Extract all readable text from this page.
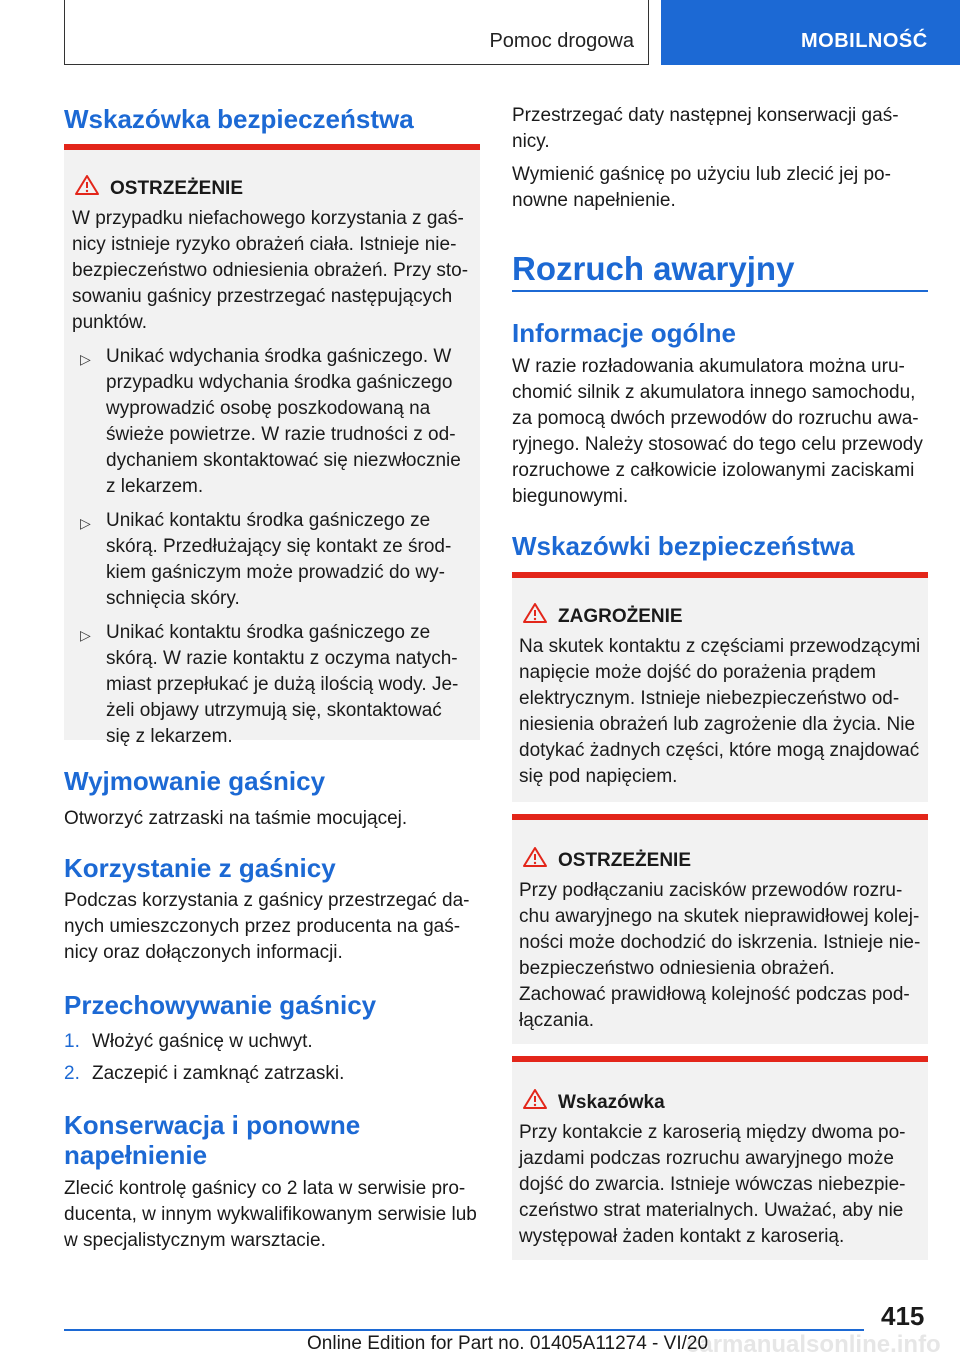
Pomoc drogowa	MOBILNOŚĆ
Wskazówka bezpieczeństwa
OSTRZEŻENIE
W przypadku niefachowego korzystania z gaś-
nicy istnieje ryzyko obrażeń ciała. Istnieje nie-
bezpieczeństwo odniesienia obrażeń. Przy sto-
sowaniu gaśnicy przestrzegać następujących
punktów.
▷ Unikać wdychania środka gaśniczego. W
przypadku wdychania środka gaśniczego
wyprowadzić osobę poszkodowaną na
świeże powietrze. W razie trudności z od-
dychaniem skontaktować się niezwłocznie
z lekarzem.
▷ Unikać kontaktu środka gaśniczego ze
skórą. Przedłużający się kontakt ze środ-
kiem gaśniczym może prowadzić do wy-
schnięcia skóry.
▷ Unikać kontaktu środka gaśniczego ze
skórą. W razie kontaktu z oczyma natych-
miast przepłukać je dużą ilością wody. Je-
żeli objawy utrzymują się, skontaktować
się z lekarzem.
Wyjmowanie gaśnicy

Otworzyć zatrzaski na taśmie mocującej.

Korzystanie z gaśnicy

Podczas korzystania z gaśnicy przestrzegać da-
nych umieszczonych przez producenta na gaś-
nicy oraz dołączonych informacji.

Przechowywanie gaśnicy
1. Włożyć gaśnicę w uchwyt.
2. Zaczepić i zamknąć zatrzaski.
Konserwacja i ponowne
napełnienie

Zlecić kontrolę gaśnicy co 2 lata w serwisie pro-
ducenta, w innym wykwalifikowanym serwisie lub
w specjalistycznym warsztacie.

Przestrzegać daty następnej konserwacji gaś-
nicy.

Wymienić gaśnicę po użyciu lub zlecić jej po-
nowne napełnienie.

Rozruch awaryjny
Informacje ogólne

W razie rozładowania akumulatora można uru-
chomić silnik z akumulatora innego samochodu,
za pomocą dwóch przewodów do rozruchu awa-
ryjnego. Należy stosować do tego celu przewody
rozruchowe z całkowicie izolowanymi zaciskami
biegunowymi.

Wskazówki bezpieczeństwa
ZAGROŻENIE
Na skutek kontaktu z częściami przewodzącymi
napięcie może dojść do porażenia prądem
elektrycznym. Istnieje niebezpieczeństwo od-
niesienia obrażeń lub zagrożenie dla życia. Nie
dotykać żadnych części, które mogą znajdować
się pod napięciem.
OSTRZEŻENIE
Przy podłączaniu zacisków przewodów rozru-
chu awaryjnego na skutek nieprawidłowej kolej-
ności może dochodzić do iskrzenia. Istnieje nie-
bezpieczeństwo odniesienia obrażeń.
Zachować prawidłową kolejność podczas pod-
łączania.
Wskazówka
Przy kontakcie z karoserią między dwoma po-
jazdami podczas rozruchu awaryjnego może
dojść do zwarcia. Istnieje wówczas niebezpie-
czeństwo strat materialnych. Uważać, aby nie
występował żaden kontakt z karoserią.
415
carmanualsonline.info
Online Edition for Part no. 01405A11274 - VI/20
